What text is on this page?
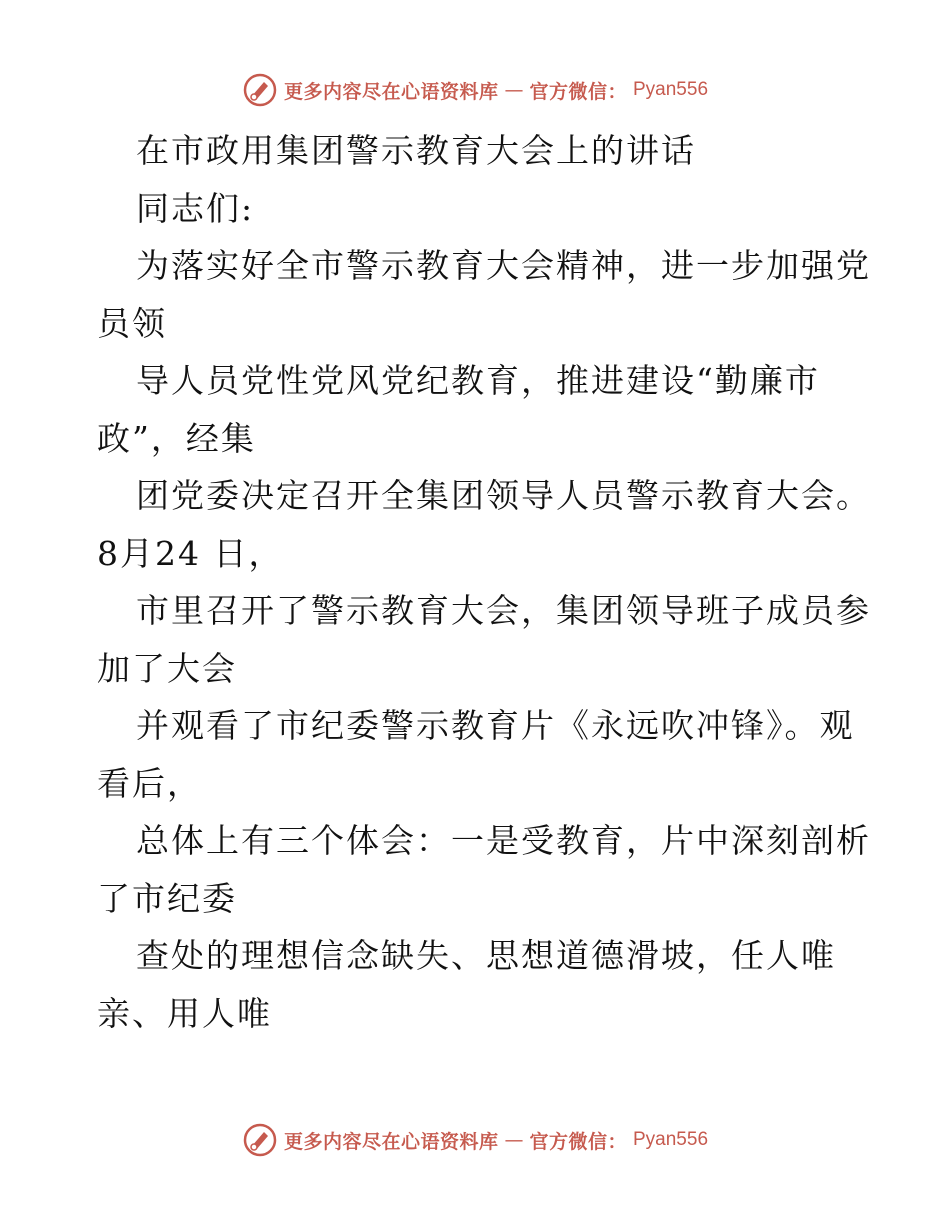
更多内容尽在心语资料库 — 官方微信： Pyan556
在市政用集团警示教育大会上的讲话
同志们:
为落实好全市警示教育大会精神，进一步加强党
员领
导人员党性党风党纪教育，推进建设“勤廉市
政”，经集
团党委决定召开全集团领导人员警示教育大会。
8月24 日，
市里召开了警示教育大会，集团领导班子成员参
加了大会
并观看了市纪委警示教育片《永远吹冲锋》。观
看后，
总体上有三个体会：一是受教育，片中深刻剖析
了市纪委
查处的理想信念缺失、思想道德滑坡，任人唯
亲、用人唯
更多内容尽在心语资料库 — 官方微信： Pyan556
